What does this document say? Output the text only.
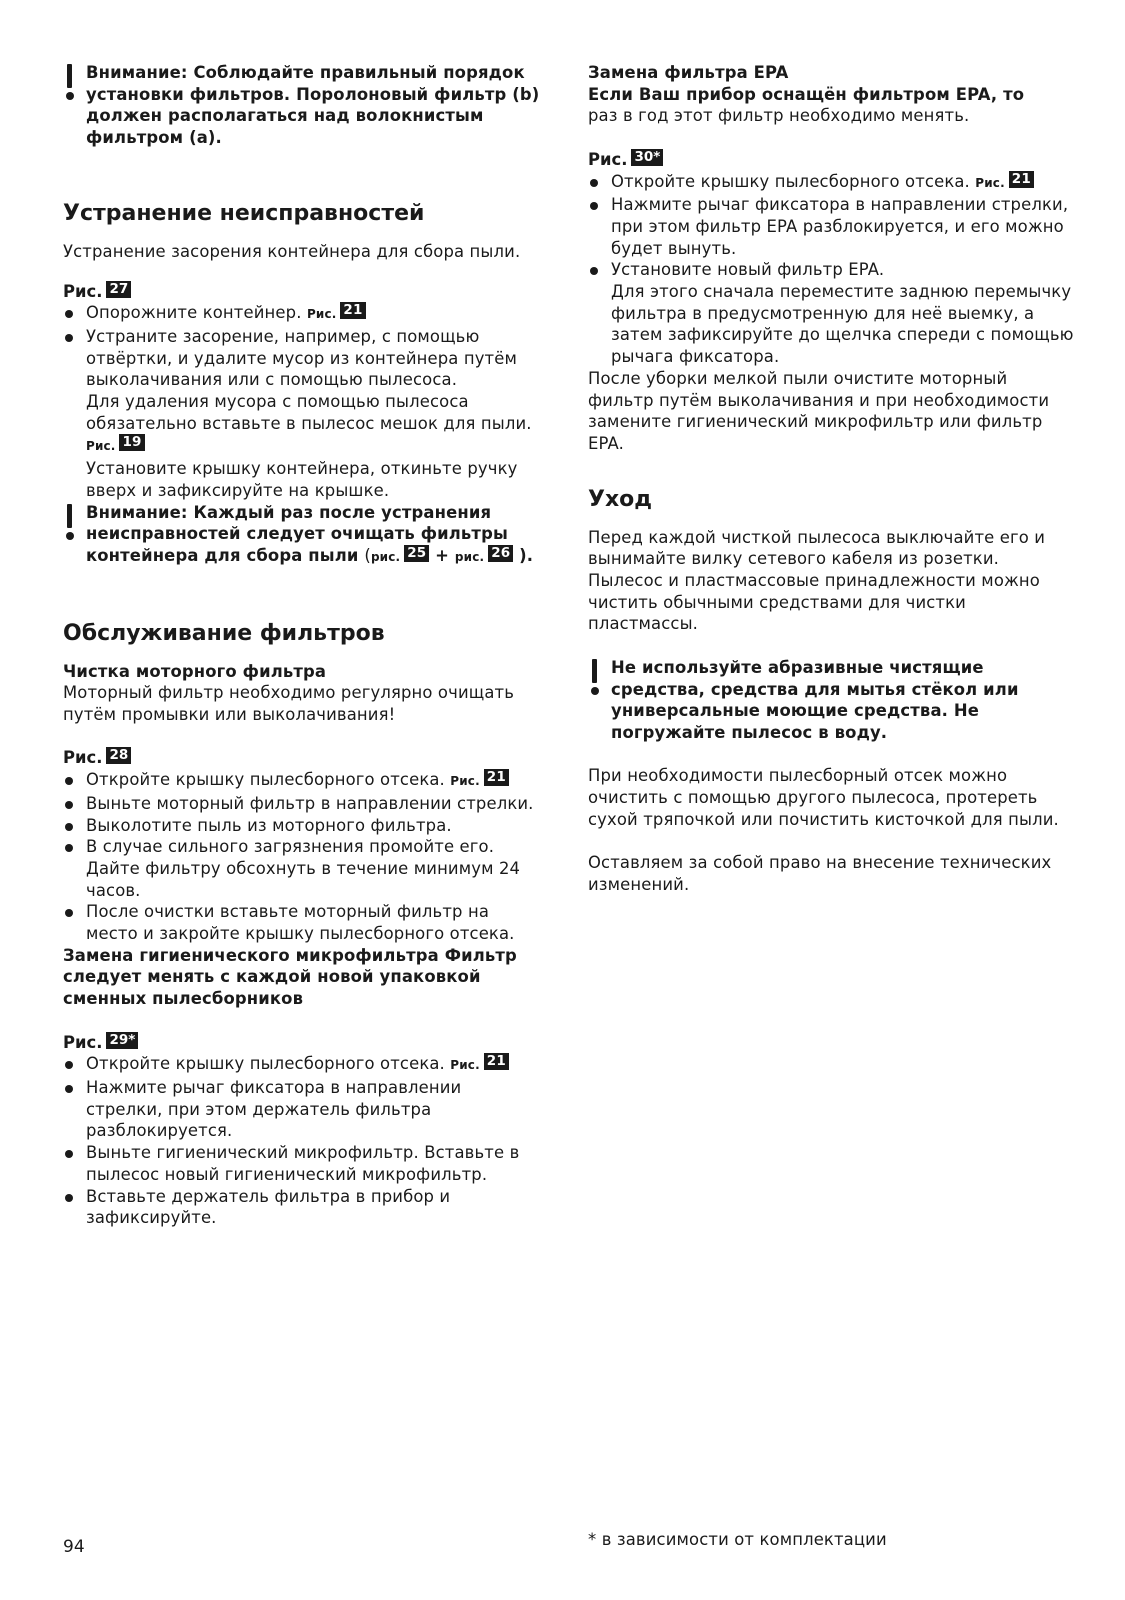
Внимание: Соблюдайте правильный порядок установки фильтров. Поролоновый фильтр (b) должен располагаться над волокнистым фильтром (a).

Устранение неисправностей

Устранение засорения контейнера для сбора пыли.

Рис. 27

Опорожните контейнер. Рис. 21
Устраните засорение, например, с помощью отвёртки, и удалите мусор из контейнера путём выколачивания или с помощью пылесоса.
Для удаления мусора с помощью пылесоса обязательно вставьте в пылесос мешок для пыли. Рис. 19
Установите крышку контейнера, откиньте ручку вверх и зафиксируйте на крышке.

Внимание: Каждый раз после устранения неисправностей следует очищать фильтры контейнера для сбора пыли (рис. 25 + рис. 26 ).

Обслуживание фильтров

Чистка моторного фильтра

Моторный фильтр необходимо регулярно очищать путём промывки или выколачивания!

Рис. 28

Откройте крышку пылесборного отсека. Рис. 21
Выньте моторный фильтр в направлении стрелки.
Выколотите пыль из моторного фильтра.
В случае сильного загрязнения промойте его. Дайте фильтру обсохнуть в течение минимум 24 часов.
После очистки вставьте моторный фильтр на место и закройте крышку пылесборного отсека.

Замена гигиенического микрофильтра Фильтр следует менять с каждой новой упаковкой сменных пылесборников

Рис. 29*

Откройте крышку пылесборного отсека. Рис. 21
Нажмите рычаг фиксатора в направлении стрелки, при этом держатель фильтра разблокируется.
Выньте гигиенический микрофильтр. Вставьте в пылесос новый гигиенический микрофильтр.
Вставьте держатель фильтра в прибор и зафиксируйте.

Замена фильтра EPA

Если Ваш прибор оснащён фильтром EPA, то

раз в год этот фильтр необходимо менять.

Рис. 30*

Откройте крышку пылесборного отсека. Рис. 21
Нажмите рычаг фиксатора в направлении стрелки, при этом фильтр EPA разблокируется, и его можно будет вынуть.
Установите новый фильтр EPA.
Для этого сначала переместите заднюю перемычку фильтра в предусмотренную для неё выемку, а затем зафиксируйте до щелчка спереди с помощью рычага фиксатора.

После уборки мелкой пыли очистите моторный фильтр путём выколачивания и при необходимости замените гигиенический микрофильтр или фильтр EPA.

Уход

Перед каждой чисткой пылесоса выключайте его и вынимайте вилку сетевого кабеля из розетки. Пылесос и пластмассовые принадлежности можно чистить обычными средствами для чистки пластмассы.

Не используйте абразивные чистящие средства, средства для мытья стёкол или универсальные моющие средства. Не погружайте пылесос в воду.

При необходимости пылесборный отсек можно очистить с помощью другого пылесоса, протереть сухой тряпочкой или почистить кисточкой для пыли.

Оставляем за собой право на внесение технических изменений.

94	* в зависимости от комплектации
